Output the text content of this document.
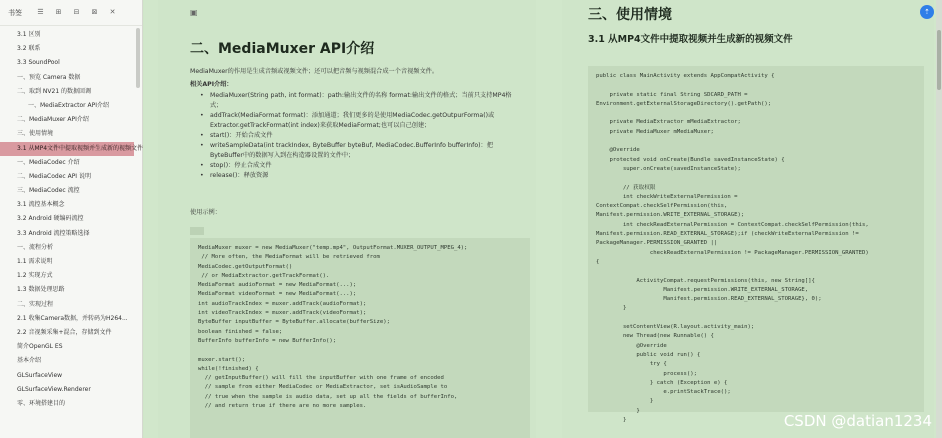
书签 ☰ ⊞ ⊟ ⊠ ✕
3.1 区别
3.2 联系
3.3 SoundPool
一、预览 Camera 数据
二、取到 NV21 的数据回调
一、MediaExtractor API介绍
二、MediaMuxer API介绍
三、使用情境
3.1 从MP4文件中提取视频并生成新的视频文件
一、MediaCodec 介绍
二、MediaCodec API 说明
三、MediaCodec 流控
3.1 流控基本概念
3.2 Android 硬编码流控
3.3 Android 流控策略选择
一、流程分析
1.1 需求说明
1.2 实现方式
1.3 数据处理思路
二、实现过程
2.1 收集Camera数据，并转码为H264...
2.2 音视频采集+混合，存储到文件
简介OpenGL ES
基本介绍
GLSurfaceView
GLSurfaceView.Renderer
零、环境搭建目的
▣
二、MediaMuxer API介绍
MediaMuxer的作用是生成音频或视频文件；还可以把音频与视频混合成一个音视频文件。
相关API介绍：
• MediaMuxer(String path, int format)：path:输出文件的名称 format:输出文件的格式；当前只支持MP4格式；
• addTrack(MediaFormat format)：添加通道；我们更多的是使用MediaCodec.getOutpurForma()或Extractor.getTrackFormat(int index)来获取MediaFormat;也可以自己创建；
• start()：开始合成文件
• writeSampleData(int trackIndex, ByteBuffer byteBuf, MediaCodec.BufferInfo bufferInfo)：把ByteBuffer中的数据写入到在构造器设置的文件中；
• stop()：停止合成文件
• release()：释放资源
使用示例：
MediaMuxer muxer = new MediaMuxer("temp.mp4", OutputFormat.MUXER_OUTPUT_MPEG_4);
// More often, the MediaFormat will be retrieved from
MediaCodec.getOutputFormat()
// or MediaExtractor.getTrackFormat().
MediaFormat audioFormat = new MediaFormat(...);
MediaFormat videoFormat = new MediaFormat(...);
int audioTrackIndex = muxer.addTrack(audioFormat);
int videoTrackIndex = muxer.addTrack(videoFormat);
ByteBuffer inputBuffer = ByteBuffer.allocate(bufferSize);
boolean finished = false;
BufferInfo bufferInfo = new BufferInfo();

muxer.start();
while(!finished) {
// getInputBuffer() will fill the inputBuffer with one frame of encoded
// sample from either MediaCodec or MediaExtractor, set isAudioSample to
// true when the sample is audio data, set up all the fields of bufferInfo,
// and return true if there are no more samples.
三、使用情境
3.1 从MP4文件中提取视频并生成新的视频文件
public class MainActivity extends AppCompatActivity {

private static final String SDCARD_PATH =
Environment.getExternalStorageDirectory().getPath();

private MediaExtractor mMediaExtractor;
private MediaMuxer mMediaMuxer;

@Override
protected void onCreate(Bundle savedInstanceState) {
super.onCreate(savedInstanceState);

// 获取权限
int checkWriteExternalPermission =
ContextCompat.checkSelfPermission(this,
Manifest.permission.WRITE_EXTERNAL_STORAGE);
int checkReadExternalPermission = ContextCompat.checkSelfPermission(this,
Manifest.permission.READ_EXTERNAL_STORAGE);if (checkWriteExternalPermission !=
PackageManager.PERMISSION_GRANTED ||
checkReadExternalPermission != PackageManager.PERMISSION_GRANTED)
{

ActivityCompat.requestPermissions(this, new String[]{
Manifest.permission.WRITE_EXTERNAL_STORAGE,
Manifest.permission.READ_EXTERNAL_STORAGE}, 0);
}

setContentView(R.layout.activity_main);
new Thread(new Runnable() {
@Override
public void run() {
try {
process();
} catch (Exception e) {
e.printStackTrace();
}
}
}
⇡
CSDN @datian1234
